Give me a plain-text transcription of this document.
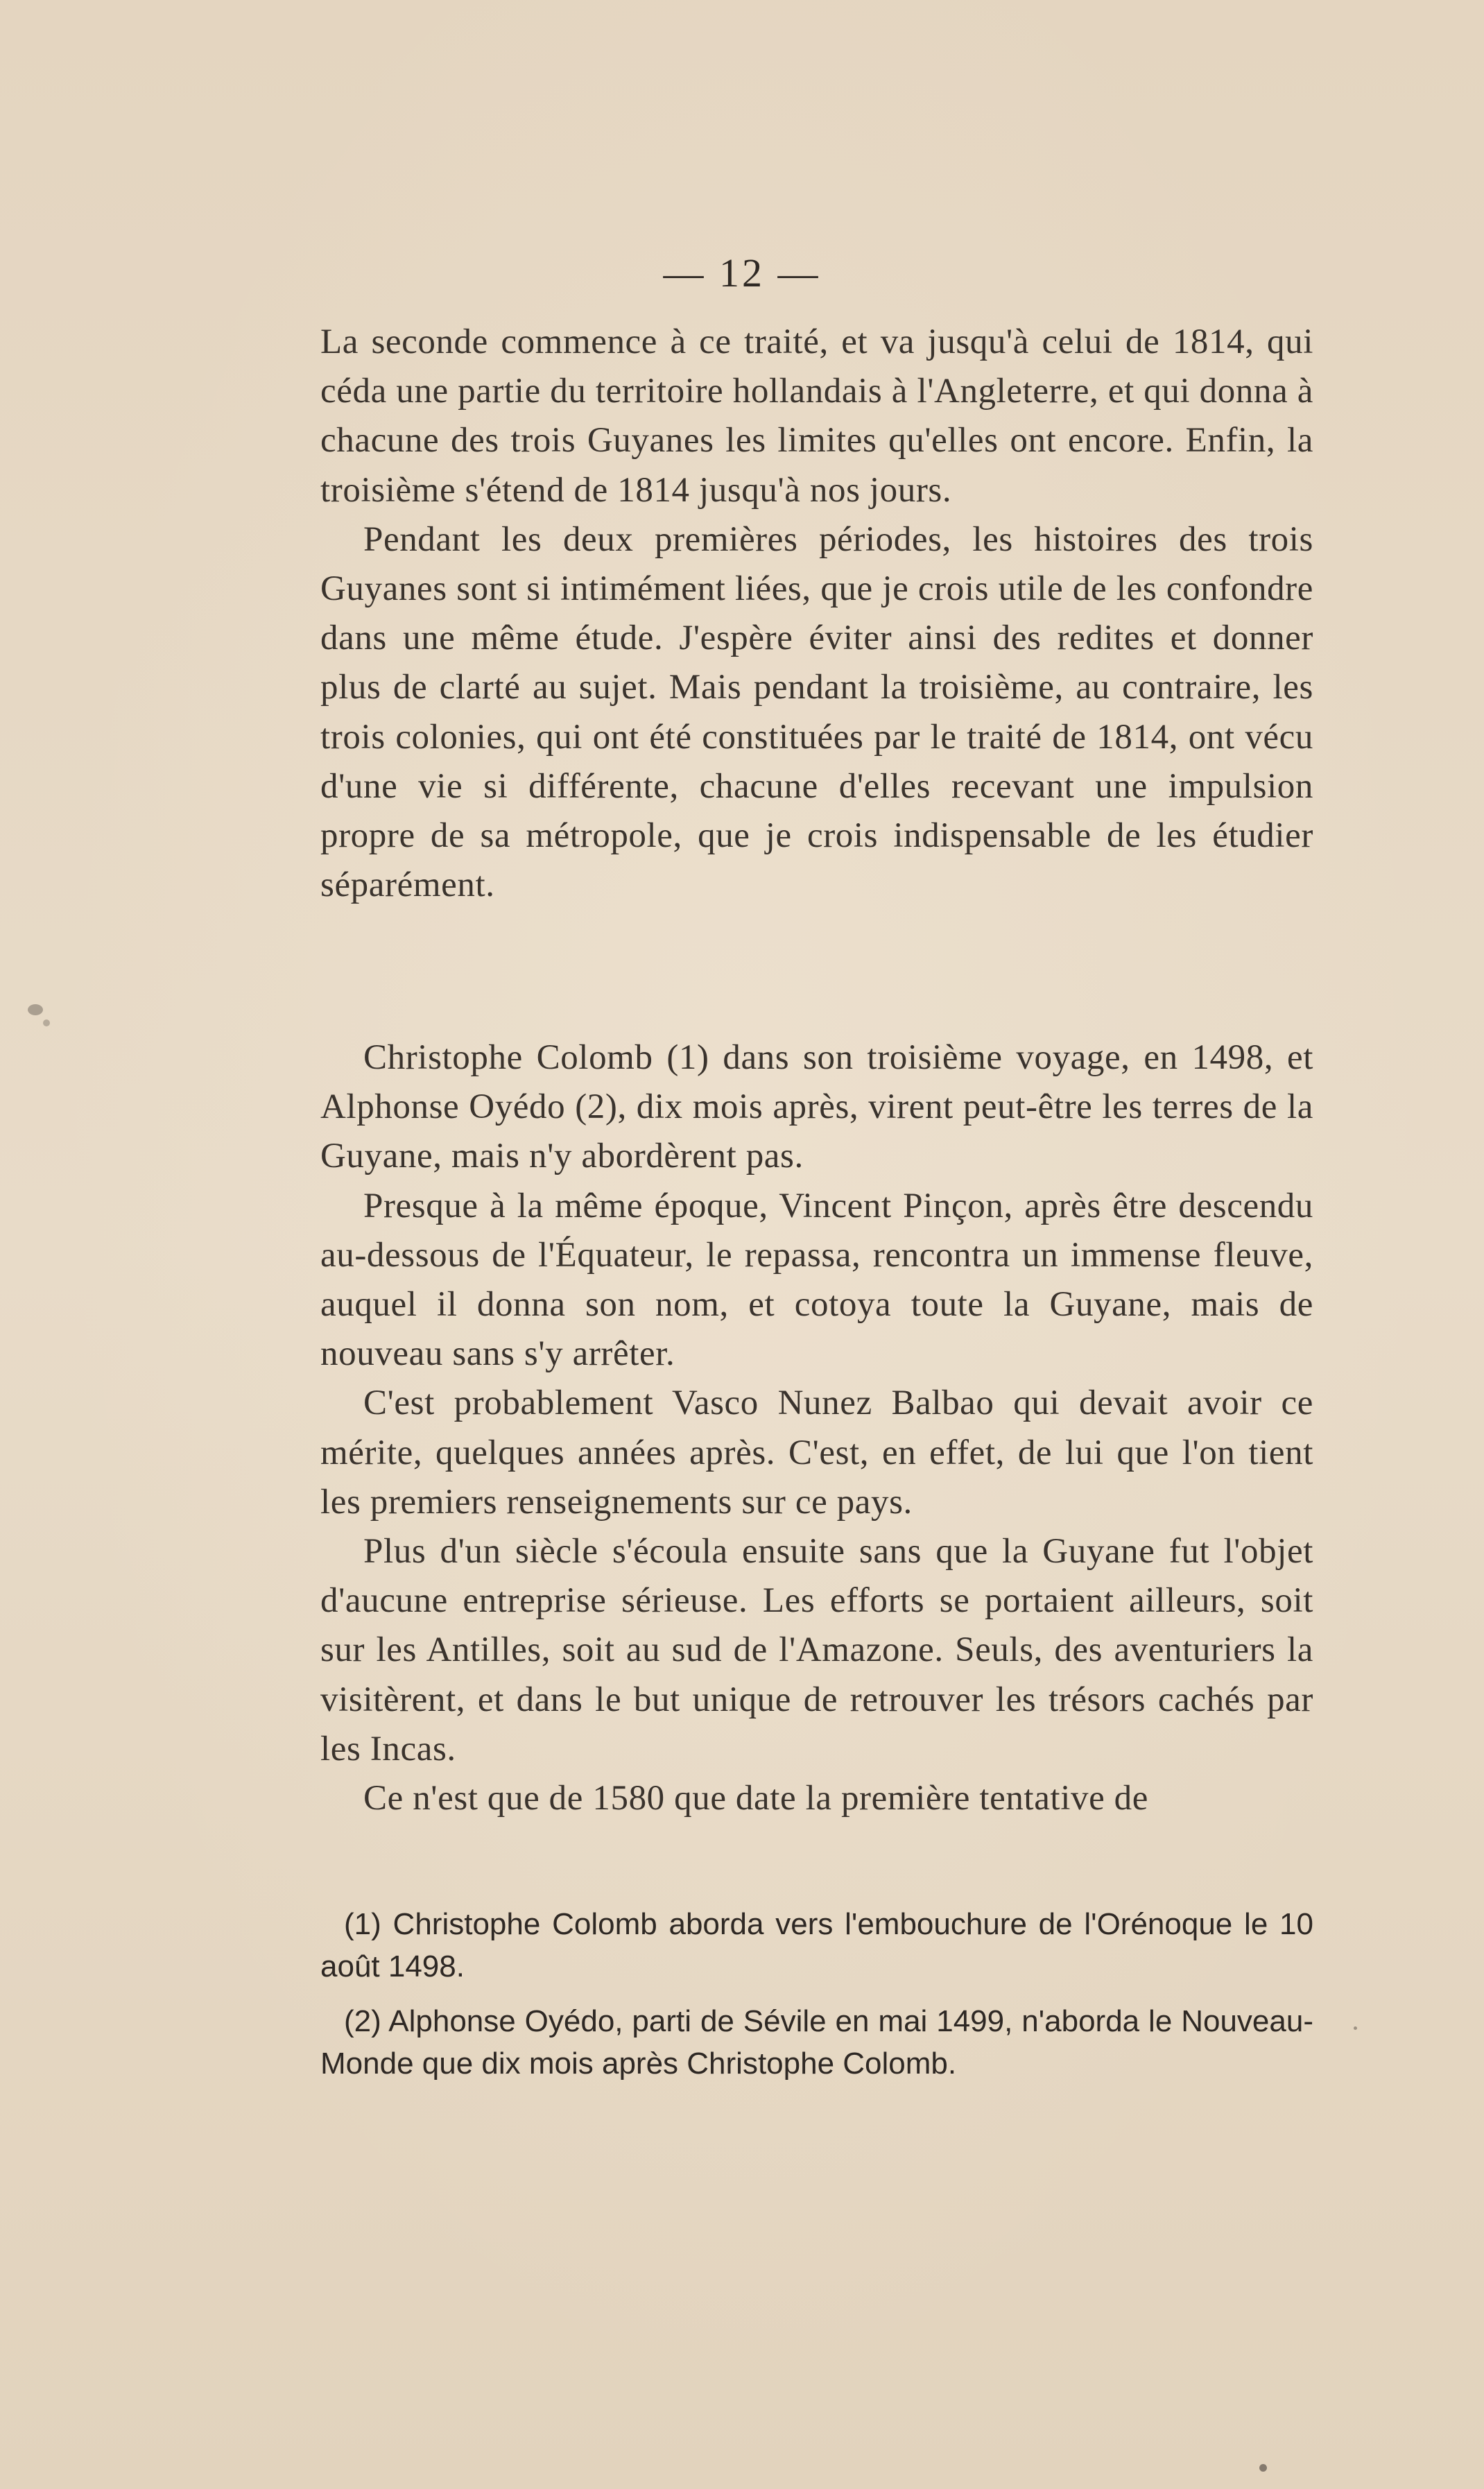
— 12 —

La seconde commence à ce traité, et va jusqu'à celui de 1814, qui céda une partie du territoire hollandais à l'Angleterre, et qui donna à chacune des trois Guyanes les limites qu'elles ont encore. Enfin, la troisième s'étend de 1814 jusqu'à nos jours.

Pendant les deux premières périodes, les histoires des trois Guyanes sont si intimément liées, que je crois utile de les confondre dans une même étude. J'espère éviter ainsi des redites et donner plus de clarté au sujet. Mais pendant la troisième, au contraire, les trois colonies, qui ont été constituées par le traité de 1814, ont vécu d'une vie si différente, chacune d'elles recevant une impulsion propre de sa métropole, que je crois indispensable de les étudier séparément.

Christophe Colomb (1) dans son troisième voyage, en 1498, et Alphonse Oyédo (2), dix mois après, virent peut-être les terres de la Guyane, mais n'y abordèrent pas.

Presque à la même époque, Vincent Pinçon, après être descendu au-dessous de l'Équateur, le repassa, rencontra un immense fleuve, auquel il donna son nom, et cotoya toute la Guyane, mais de nouveau sans s'y arrêter.

C'est probablement Vasco Nunez Balbao qui devait avoir ce mérite, quelques années après. C'est, en effet, de lui que l'on tient les premiers renseignements sur ce pays.

Plus d'un siècle s'écoula ensuite sans que la Guyane fut l'objet d'aucune entreprise sérieuse. Les efforts se portaient ailleurs, soit sur les Antilles, soit au sud de l'Amazone. Seuls, des aventuriers la visitèrent, et dans le but unique de retrouver les trésors cachés par les Incas.

Ce n'est que de 1580 que date la première tentative de

(1) Christophe Colomb aborda vers l'embouchure de l'Orénoque le 10 août 1498.

(2) Alphonse Oyédo, parti de Sévile en mai 1499, n'aborda le Nouveau-Monde que dix mois après Christophe Colomb.
